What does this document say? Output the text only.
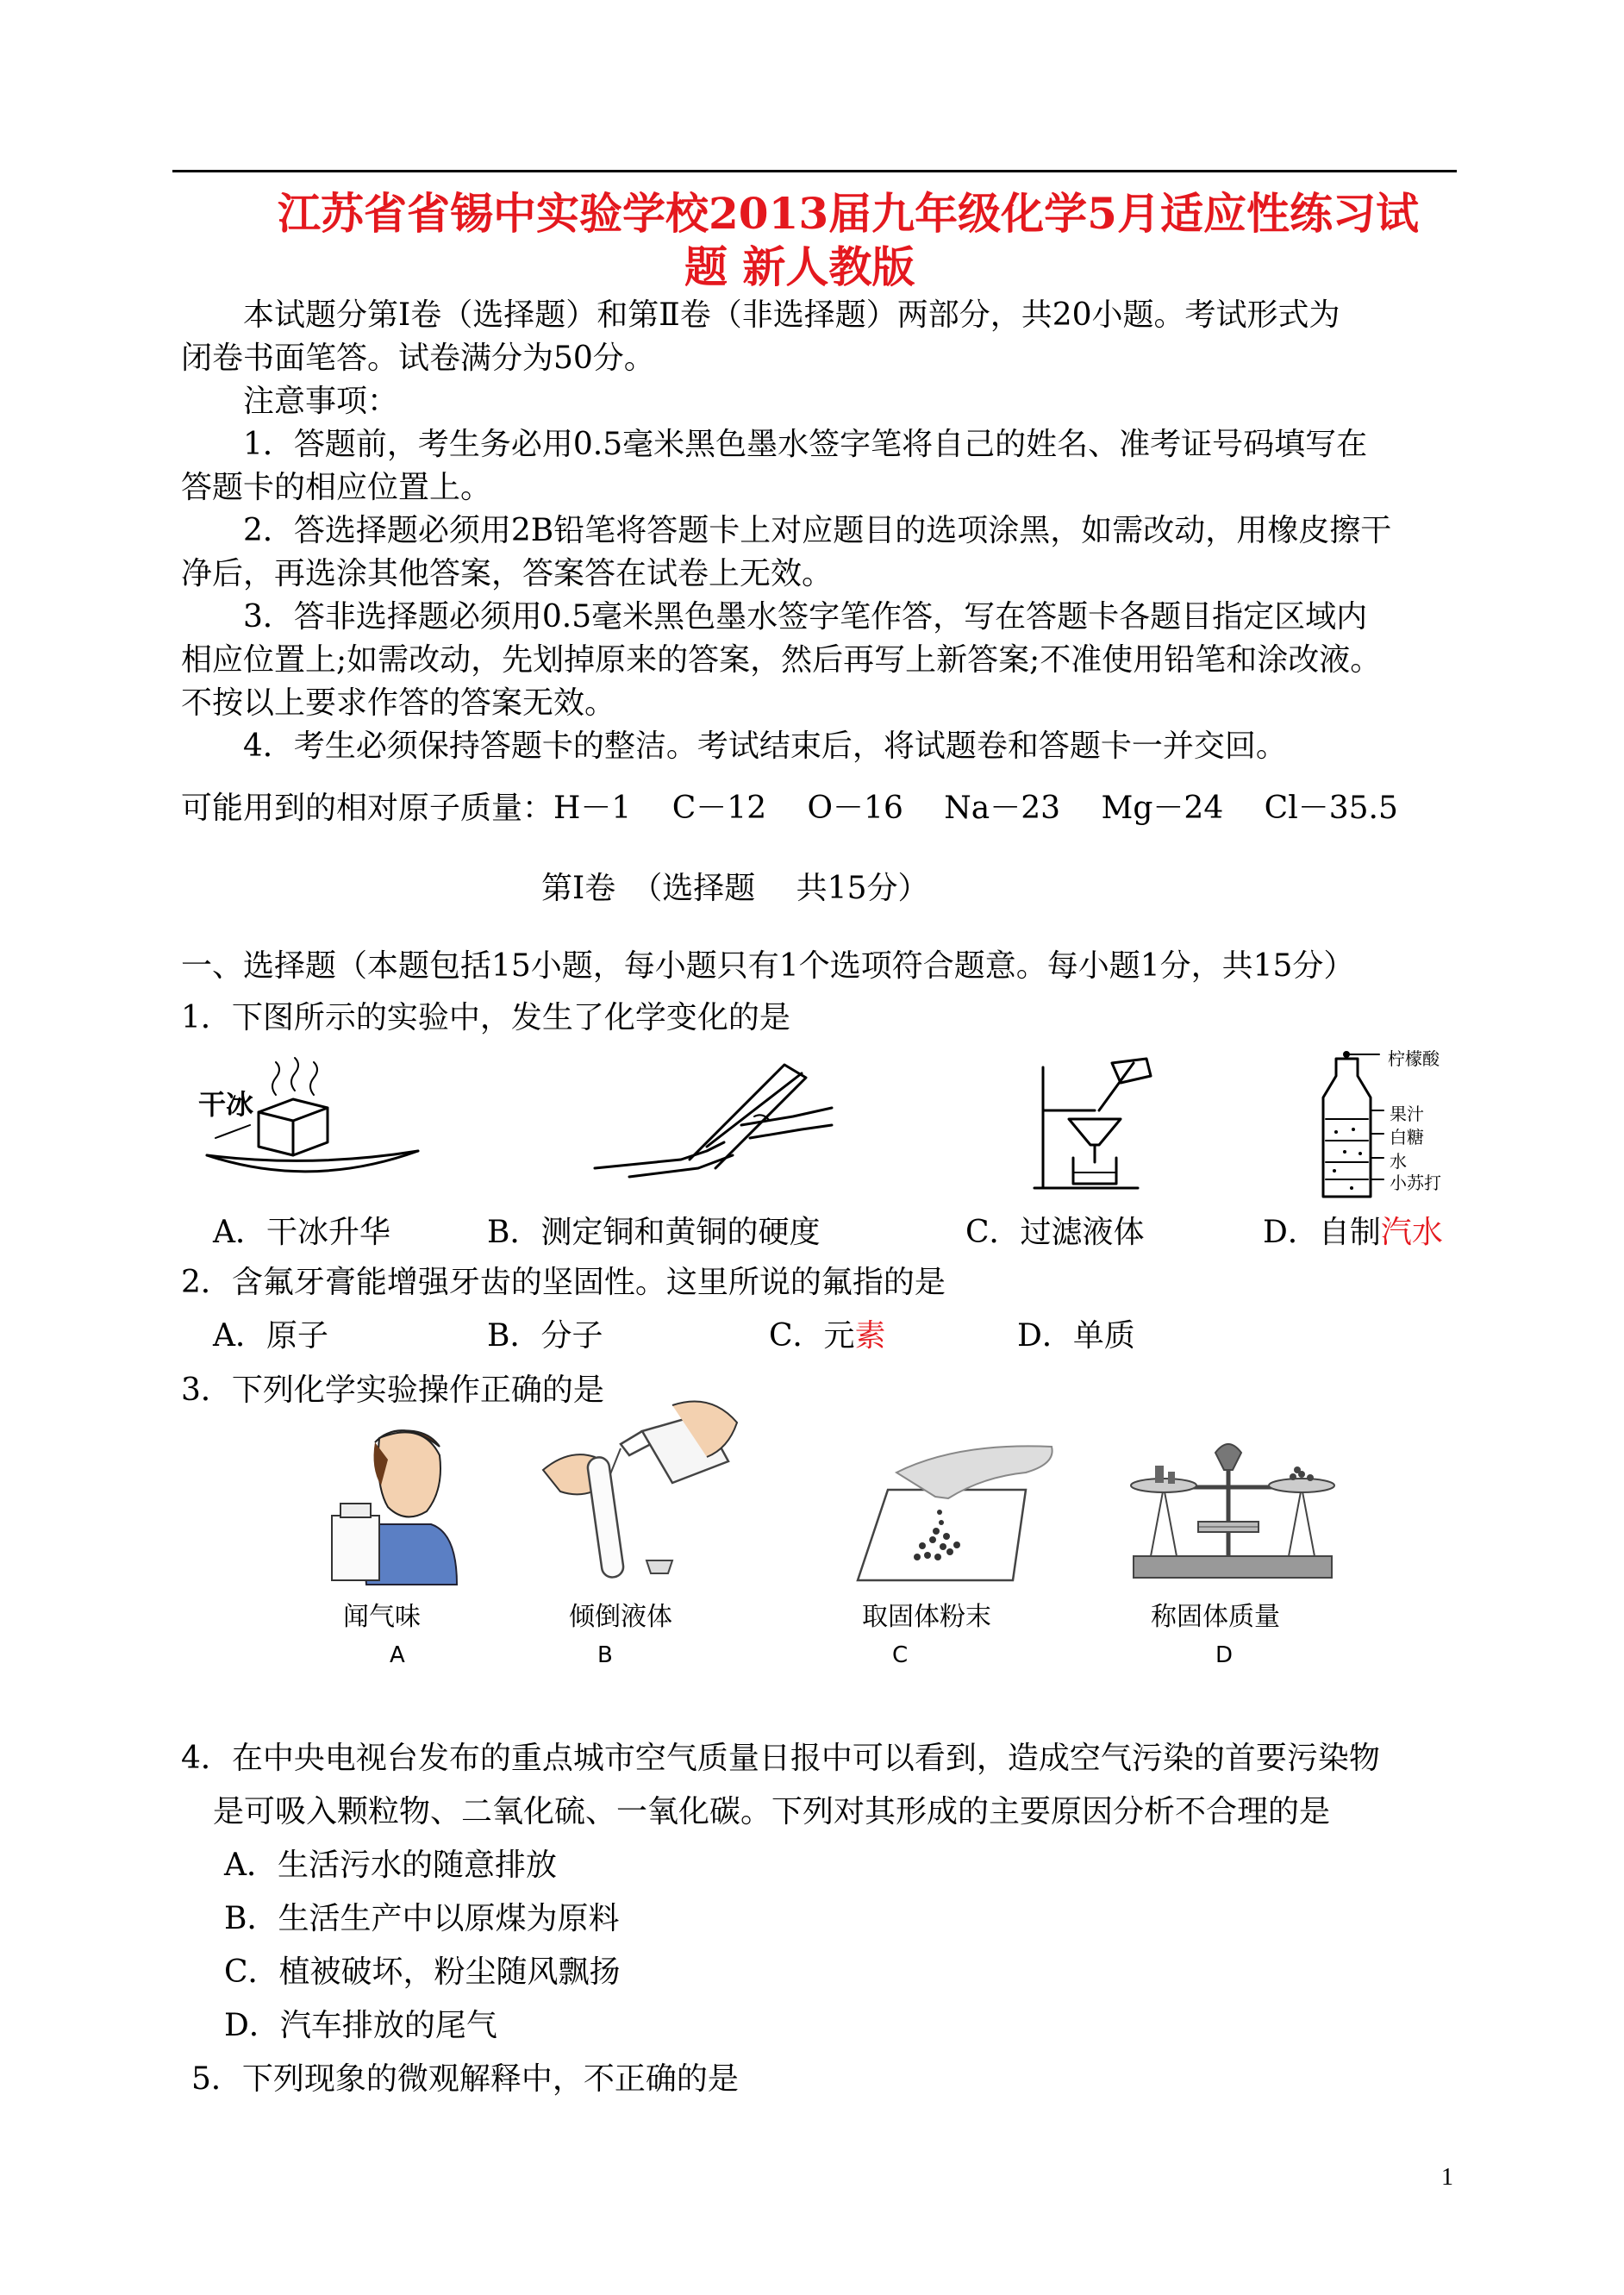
江苏省省锡中实验学校2013届九年级化学5月适应性练习试
题 新人教版
本试题分第Ⅰ卷（选择题）和第Ⅱ卷（非选择题）两部分，共20小题。考试形式为
闭卷书面笔答。试卷满分为50分。
注意事项：
1．答题前，考生务必用0.5毫米黑色墨水签字笔将自己的姓名、准考证号码填写在
答题卡的相应位置上。
2．答选择题必须用2B铅笔将答题卡上对应题目的选项涂黑，如需改动，用橡皮擦干
净后，再选涂其他答案，答案答在试卷上无效。
3．答非选择题必须用0.5毫米黑色墨水签字笔作答，写在答题卡各题目指定区域内
相应位置上;如需改动，先划掉原来的答案，然后再写上新答案;不准使用铅笔和涂改液。
不按以上要求作答的答案无效。
4．考生必须保持答题卡的整洁。考试结束后，将试题卷和答题卡一并交回。
可能用到的相对原子质量：H－1　 C－12　 O－16　 Na－23　 Mg－24　 Cl－35.5
第Ⅰ卷　（选择题　 共15分）
一、选择题（本题包括15小题，每小题只有1个选项符合题意。每小题1分，共15分）
1．下图所示的实验中，发生了化学变化的是
干冰
柠檬酸
果汁
白糖
水
小苏打
A．干冰升华	B．测定铜和黄铜的硬度	C．过滤液体	D．自制汽水
2．含氟牙膏能增强牙齿的坚固性。这里所说的氟指的是
A．原子	B．分子	C．元素	D．单质
3．下列化学实验操作正确的是
闻气味
A
倾倒液体
B
取固体粉末
C
称固体质量
D
4．在中央电视台发布的重点城市空气质量日报中可以看到，造成空气污染的首要污染物
是可吸入颗粒物、二氧化硫、一氧化碳。下列对其形成的主要原因分析不合理的是
A．生活污水的随意排放
B．生活生产中以原煤为原料
C．植被破坏，粉尘随风飘扬
D．汽车排放的尾气
5．下列现象的微观解释中，不正确的是
1
